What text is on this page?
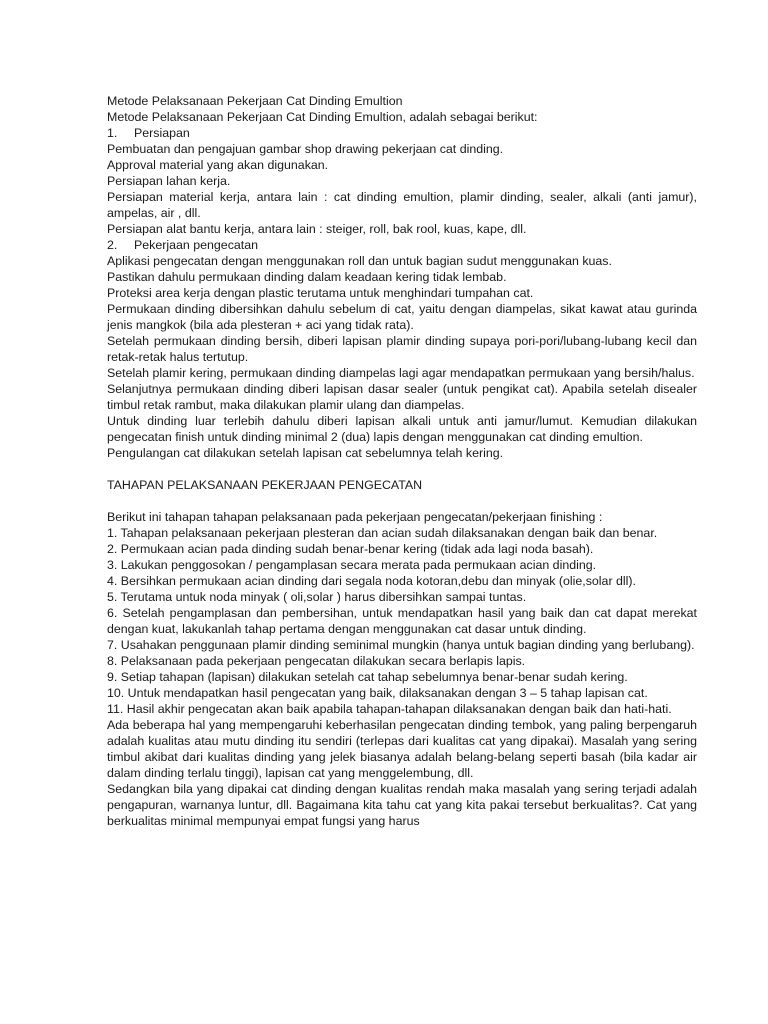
Metode Pelaksanaan Pekerjaan Cat Dinding Emultion

Metode Pelaksanaan Pekerjaan Cat Dinding Emultion, adalah sebagai berikut:

1. Persiapan

Pembuatan dan pengajuan gambar shop drawing pekerjaan cat dinding.

Approval material yang akan digunakan.

Persiapan lahan kerja.

Persiapan material kerja, antara lain : cat dinding emultion, plamir dinding, sealer, alkali (anti jamur), ampelas, air , dll.

Persiapan alat bantu kerja, antara lain : steiger, roll, bak rool, kuas, kape, dll.

2. Pekerjaan pengecatan

Aplikasi pengecatan dengan menggunakan roll dan untuk bagian sudut menggunakan kuas.

Pastikan dahulu permukaan dinding dalam keadaan kering tidak lembab.

Proteksi area kerja dengan plastic terutama untuk menghindari tumpahan cat.

Permukaan dinding dibersihkan dahulu sebelum di cat, yaitu dengan diampelas, sikat kawat atau gurinda jenis mangkok (bila ada plesteran + aci yang tidak rata).

Setelah permukaan dinding bersih, diberi lapisan plamir dinding supaya pori-pori/lubang-lubang kecil dan retak-retak halus tertutup.

Setelah plamir kering, permukaan dinding diampelas lagi agar mendapatkan permukaan yang bersih/halus.

Selanjutnya permukaan dinding diberi lapisan dasar sealer (untuk pengikat cat). Apabila setelah disealer timbul retak rambut, maka dilakukan plamir ulang dan diampelas.

Untuk dinding luar terlebih dahulu diberi lapisan alkali untuk anti jamur/lumut. Kemudian dilakukan pengecatan finish untuk dinding minimal 2 (dua) lapis dengan menggunakan cat dinding emultion.

Pengulangan cat dilakukan setelah lapisan cat sebelumnya telah kering.

TAHAPAN PELAKSANAAN PEKERJAAN PENGECATAN

Berikut ini tahapan tahapan pelaksanaan pada pekerjaan pengecatan/pekerjaan finishing :

1. Tahapan pelaksanaan pekerjaan plesteran dan acian sudah dilaksanakan dengan baik dan benar.

2. Permukaan acian pada dinding sudah benar-benar kering (tidak ada lagi noda basah).

3. Lakukan penggosokan / pengamplasan secara merata pada permukaan acian dinding.

4. Bersihkan permukaan acian dinding dari segala noda kotoran,debu dan minyak (olie,solar dll).

5. Terutama untuk noda minyak ( oli,solar ) harus dibersihkan sampai tuntas.

6. Setelah pengamplasan dan pembersihan, untuk mendapatkan hasil yang baik dan cat dapat merekat dengan kuat, lakukanlah tahap pertama dengan menggunakan cat dasar untuk dinding.

7. Usahakan penggunaan plamir dinding seminimal mungkin (hanya untuk bagian dinding yang berlubang).

8. Pelaksanaan pada pekerjaan pengecatan dilakukan secara berlapis lapis.

9. Setiap tahapan (lapisan) dilakukan setelah cat tahap sebelumnya benar-benar sudah kering.

10. Untuk mendapatkan hasil pengecatan yang baik, dilaksanakan dengan 3 – 5 tahap lapisan cat.

11. Hasil akhir pengecatan akan baik apabila tahapan-tahapan dilaksanakan dengan baik dan hati-hati.

Ada beberapa hal yang mempengaruhi keberhasilan pengecatan dinding tembok, yang paling berpengaruh adalah kualitas atau mutu dinding itu sendiri (terlepas dari kualitas cat yang dipakai). Masalah yang sering timbul akibat dari kualitas dinding yang jelek biasanya adalah belang-belang seperti basah (bila kadar air dalam dinding terlalu tinggi), lapisan cat yang menggelembung, dll.

Sedangkan bila yang dipakai cat dinding dengan kualitas rendah maka masalah yang sering terjadi adalah pengapuran, warnanya luntur, dll. Bagaimana kita tahu cat yang kita pakai tersebut berkualitas?. Cat yang berkualitas minimal mempunyai empat fungsi yang harus
